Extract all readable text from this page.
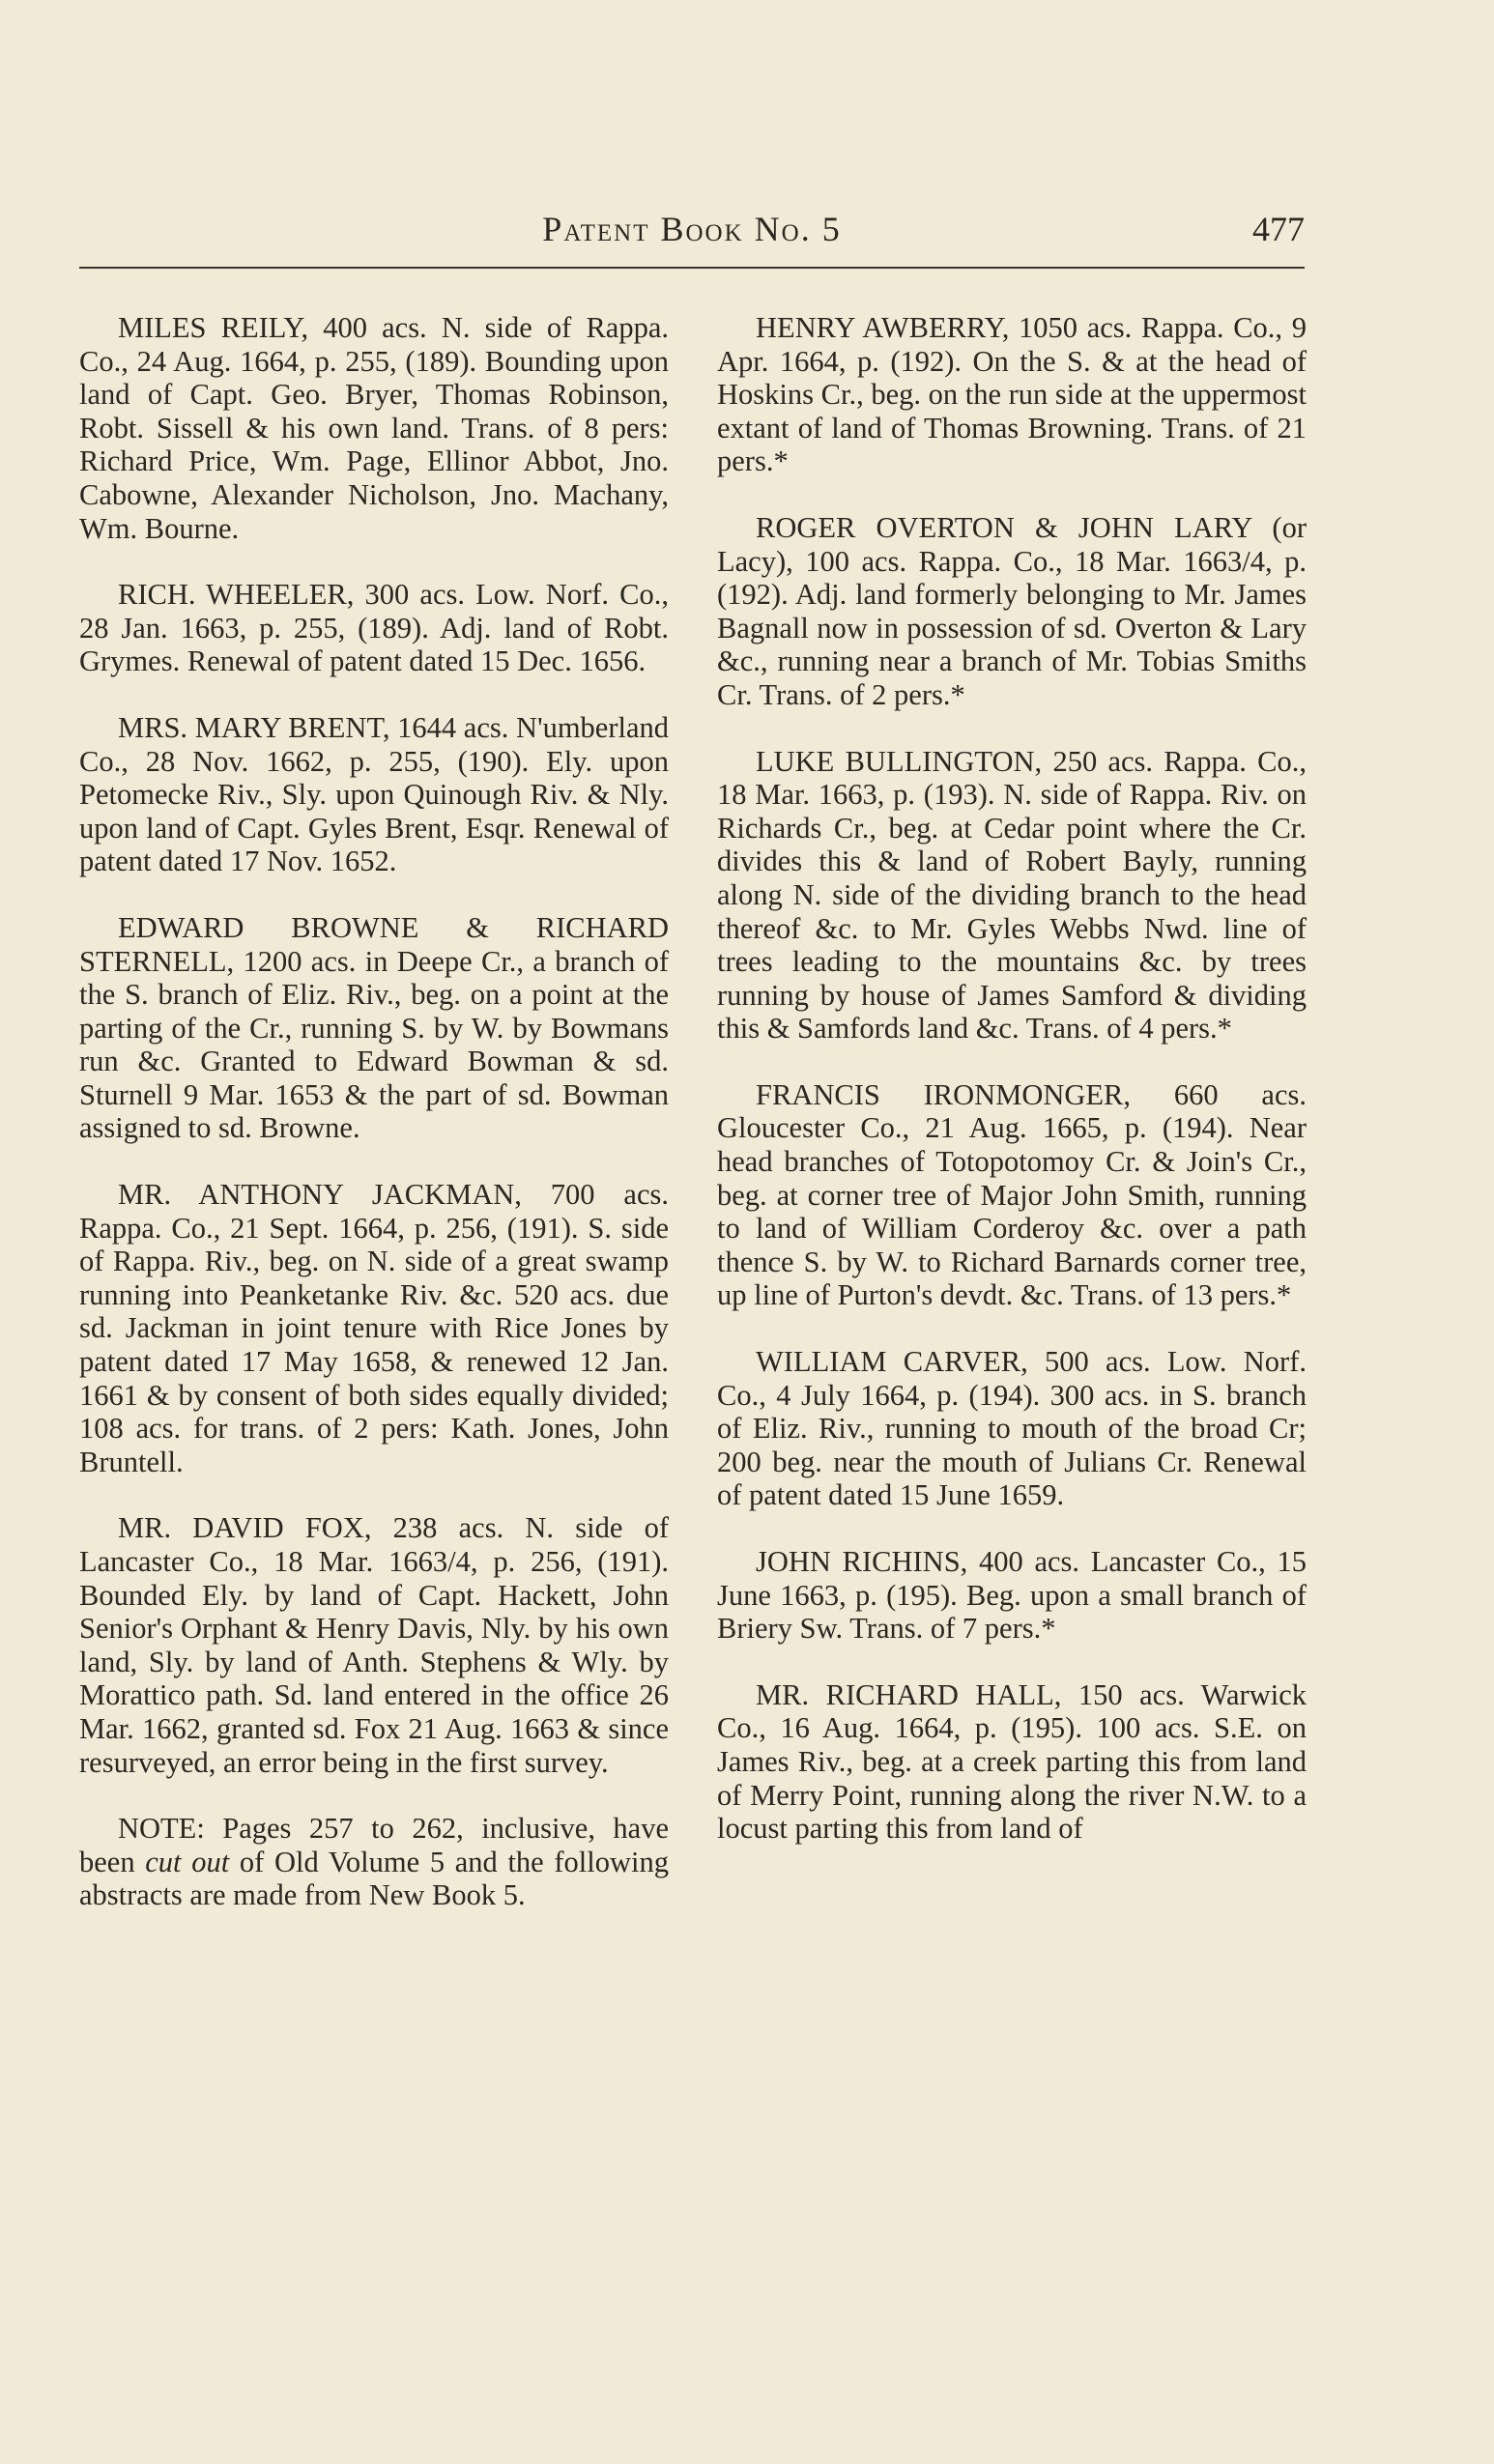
Patent Book No. 5	477

MILES REILY, 400 acs. N. side of Rappa. Co., 24 Aug. 1664, p. 255, (189). Bounding upon land of Capt. Geo. Bryer, Thomas Robinson, Robt. Sissell & his own land. Trans. of 8 pers: Richard Price, Wm. Page, Ellinor Abbot, Jno. Cabowne, Alexander Nicholson, Jno. Machany, Wm. Bourne.

RICH. WHEELER, 300 acs. Low. Norf. Co., 28 Jan. 1663, p. 255, (189). Adj. land of Robt. Grymes. Renewal of patent dated 15 Dec. 1656.

MRS. MARY BRENT, 1644 acs. N'umberland Co., 28 Nov. 1662, p. 255, (190). Ely. upon Petomecke Riv., Sly. upon Quinough Riv. & Nly. upon land of Capt. Gyles Brent, Esqr. Renewal of patent dated 17 Nov. 1652.

EDWARD BROWNE & RICHARD STERNELL, 1200 acs. in Deepe Cr., a branch of the S. branch of Eliz. Riv., beg. on a point at the parting of the Cr., running S. by W. by Bowmans run &c. Granted to Edward Bowman & sd. Sturnell 9 Mar. 1653 & the part of sd. Bowman assigned to sd. Browne.

MR. ANTHONY JACKMAN, 700 acs. Rappa. Co., 21 Sept. 1664, p. 256, (191). S. side of Rappa. Riv., beg. on N. side of a great swamp running into Peanketanke Riv. &c. 520 acs. due sd. Jackman in joint tenure with Rice Jones by patent dated 17 May 1658, & renewed 12 Jan. 1661 & by consent of both sides equally divided; 108 acs. for trans. of 2 pers: Kath. Jones, John Bruntell.

MR. DAVID FOX, 238 acs. N. side of Lancaster Co., 18 Mar. 1663/4, p. 256, (191). Bounded Ely. by land of Capt. Hackett, John Senior's Orphant & Henry Davis, Nly. by his own land, Sly. by land of Anth. Stephens & Wly. by Morattico path. Sd. land entered in the office 26 Mar. 1662, granted sd. Fox 21 Aug. 1663 & since resurveyed, an error being in the first survey.

NOTE: Pages 257 to 262, inclusive, have been cut out of Old Volume 5 and the following abstracts are made from New Book 5.

HENRY AWBERRY, 1050 acs. Rappa. Co., 9 Apr. 1664, p. (192). On the S. & at the head of Hoskins Cr., beg. on the run side at the uppermost extant of land of Thomas Browning. Trans. of 21 pers.*

ROGER OVERTON & JOHN LARY (or Lacy), 100 acs. Rappa. Co., 18 Mar. 1663/4, p. (192). Adj. land formerly belonging to Mr. James Bagnall now in possession of sd. Overton & Lary &c., running near a branch of Mr. Tobias Smiths Cr. Trans. of 2 pers.*

LUKE BULLINGTON, 250 acs. Rappa. Co., 18 Mar. 1663, p. (193). N. side of Rappa. Riv. on Richards Cr., beg. at Cedar point where the Cr. divides this & land of Robert Bayly, running along N. side of the dividing branch to the head thereof &c. to Mr. Gyles Webbs Nwd. line of trees leading to the mountains &c. by trees running by house of James Samford & dividing this & Samfords land &c. Trans. of 4 pers.*

FRANCIS IRONMONGER, 660 acs. Gloucester Co., 21 Aug. 1665, p. (194). Near head branches of Totopotomoy Cr. & Join's Cr., beg. at corner tree of Major John Smith, running to land of William Corderoy &c. over a path thence S. by W. to Richard Barnards corner tree, up line of Purton's devdt. &c. Trans. of 13 pers.*

WILLIAM CARVER, 500 acs. Low. Norf. Co., 4 July 1664, p. (194). 300 acs. in S. branch of Eliz. Riv., running to mouth of the broad Cr; 200 beg. near the mouth of Julians Cr. Renewal of patent dated 15 June 1659.

JOHN RICHINS, 400 acs. Lancaster Co., 15 June 1663, p. (195). Beg. upon a small branch of Briery Sw. Trans. of 7 pers.*

MR. RICHARD HALL, 150 acs. Warwick Co., 16 Aug. 1664, p. (195). 100 acs. S.E. on James Riv., beg. at a creek parting this from land of Merry Point, running along the river N.W. to a locust parting this from land of
